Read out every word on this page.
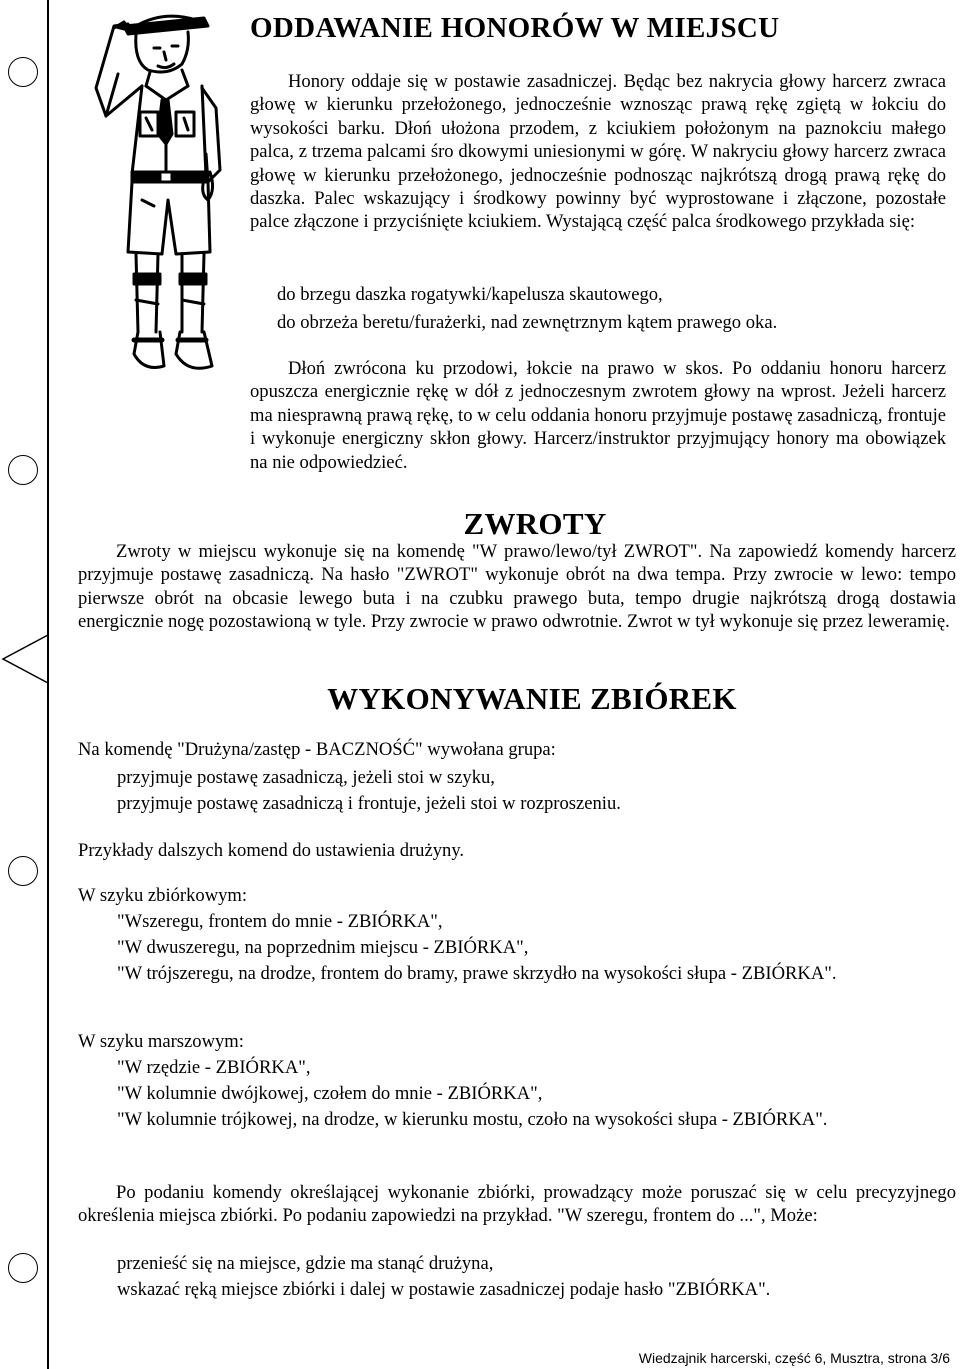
ODDAWANIE HONORÓW W MIEJSCU

Honory oddaje się w postawie zasadniczej. Będąc bez nakrycia głowy harcerz zwraca głowę w kierunku przełożonego, jednocześnie wznosząc prawą rękę zgiętą w łokciu do wysokości barku. Dłoń ułożona przodem, z kciukiem położonym na paznokciu małego palca, z trzema palcami śro dkowymi uniesionymi w górę. W nakryciu głowy harcerz zwraca głowę w kierunku przełożonego, jednocześnie podnosząc najkrótszą drogą prawą rękę do daszka. Palec wskazujący i środkowy powinny być wyprostowane i złączone, pozostałe palce złączone i przyciśnięte kciukiem. Wystającą część palca środkowego przykłada się:

do brzegu daszka rogatywki/kapelusza skautowego,
do obrzeża beretu/furażerki, nad zewnętrznym kątem prawego oka.

Dłoń zwrócona ku przodowi, łokcie na prawo w skos. Po oddaniu honoru harcerz opuszcza energicznie rękę w dół z jednoczesnym zwrotem głowy na wprost. Jeżeli harcerz ma niesprawną prawą rękę, to w celu oddania honoru przyjmuje postawę zasadniczą, frontuje i wykonuje energiczny skłon głowy. Harcerz/instruktor przyjmujący honory ma obowiązek na nie odpowiedzieć.

ZWROTY

Zwroty w miejscu wykonuje się na komendę "W prawo/lewo/tył ZWROT". Na zapowiedź komendy harcerz przyjmuje postawę zasadniczą. Na hasło "ZWROT" wykonuje obrót na dwa tempa. Przy zwrocie w lewo: tempo pierwsze obrót na obcasie lewego buta i na czubku prawego buta, tempo drugie najkrótszą drogą dostawia energicznie nogę pozostawioną w tyle. Przy zwrocie w prawo odwrotnie. Zwrot w tył wykonuje się przez leweramię.

WYKONYWANIE ZBIÓREK
Na komendę "Drużyna/zastęp - BACZNOŚĆ" wywołana grupa:
przyjmuje postawę zasadniczą, jeżeli stoi w szyku,
przyjmuje postawę zasadniczą i frontuje, jeżeli stoi w rozproszeniu.
Przykłady dalszych komend do ustawienia drużyny.
W szyku zbiórkowym:
"Wszeregu, frontem do mnie - ZBIÓRKA",
"W dwuszeregu, na poprzednim miejscu - ZBIÓRKA",
"W trójszeregu, na drodze, frontem do bramy, prawe skrzydło na wysokości słupa - ZBIÓRKA".
W szyku marszowym:
"W rzędzie - ZBIÓRKA",
"W kolumnie dwójkowej, czołem do mnie - ZBIÓRKA",
"W kolumnie trójkowej, na drodze, w kierunku mostu, czoło na wysokości słupa - ZBIÓRKA".

Po podaniu komendy określającej wykonanie zbiórki, prowadzący może poruszać się w celu precyzyjnego określenia miejsca zbiórki. Po podaniu zapowiedzi na przykład. "W szeregu, frontem do ...", Może:

przenieść się na miejsce, gdzie ma stanąć drużyna,
wskazać ręką miejsce zbiórki i dalej w postawie zasadniczej podaje hasło "ZBIÓRKA".
Wiedzajnik harcerski, część 6, Musztra, strona 3/6
